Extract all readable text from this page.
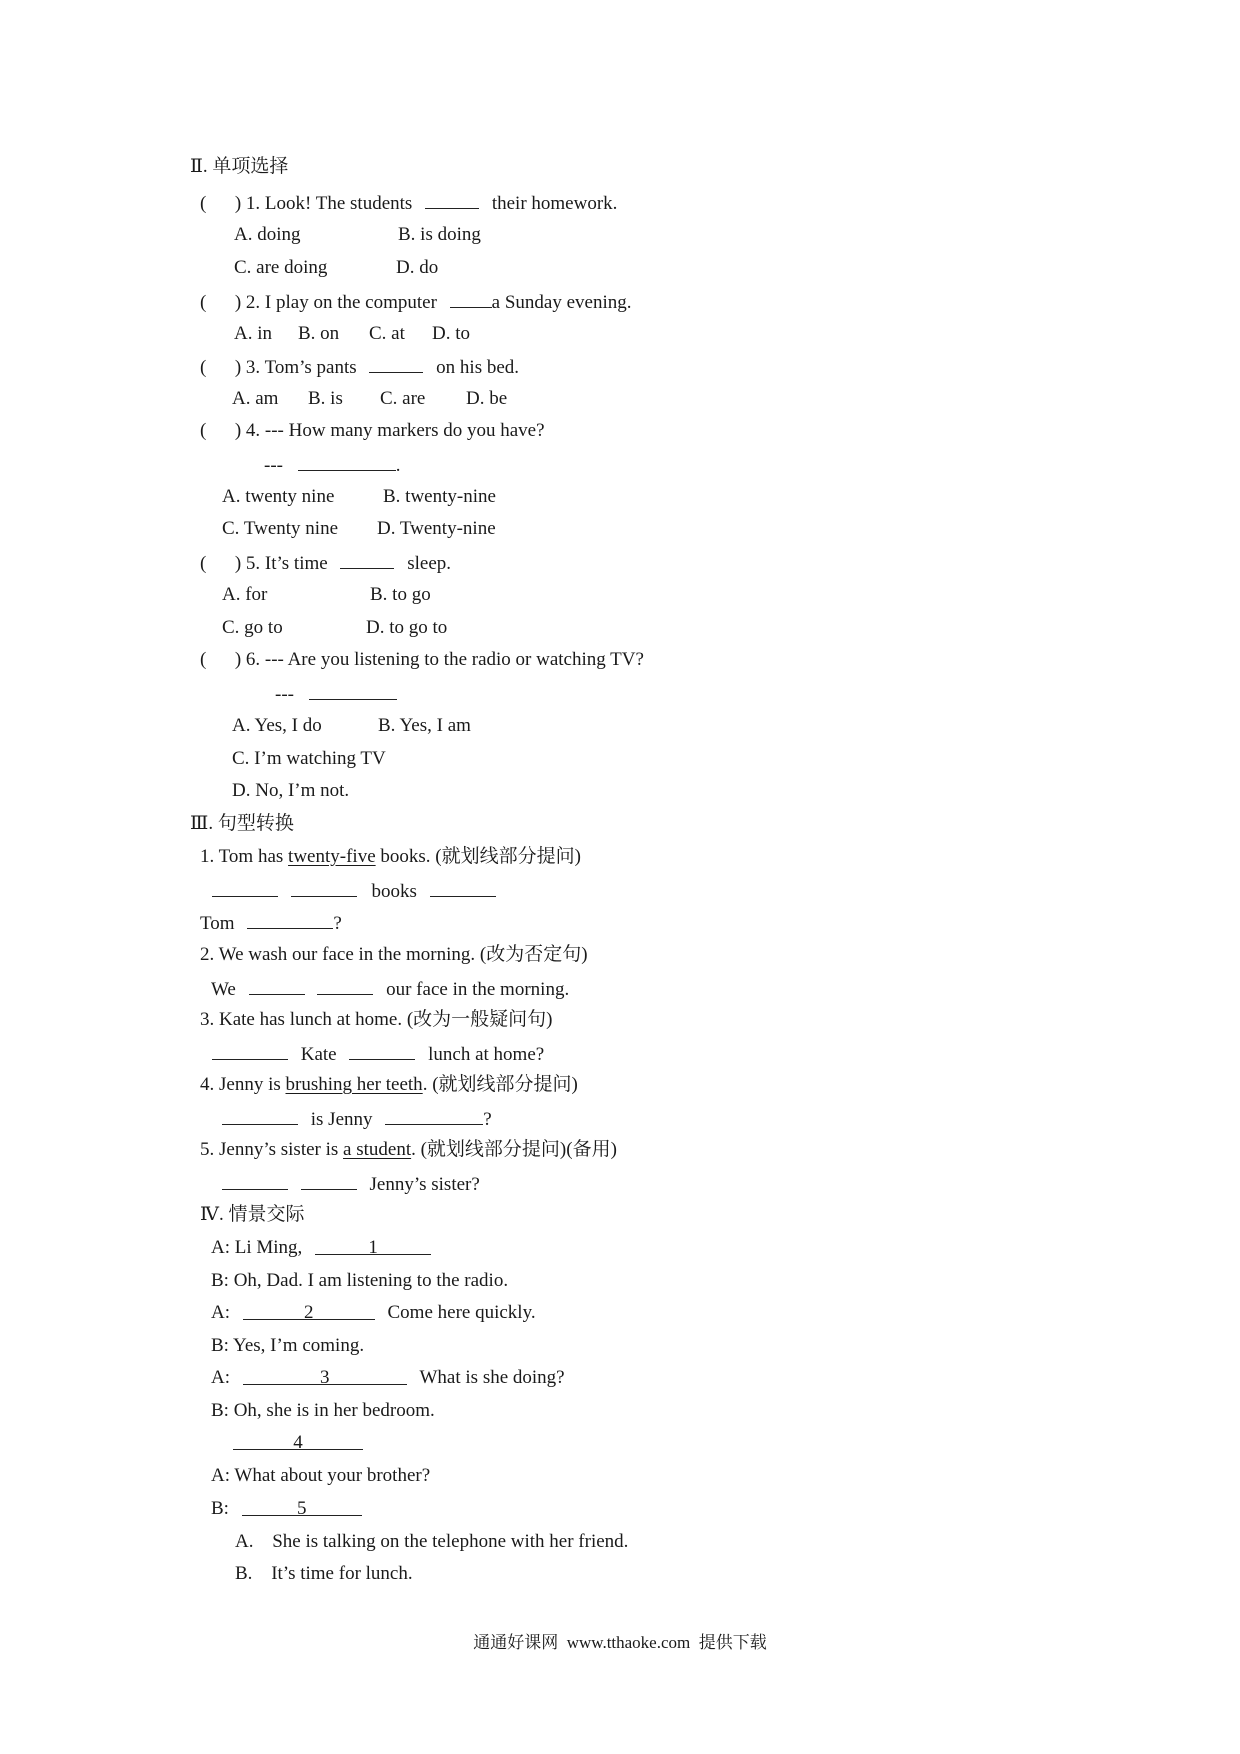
Ⅱ. 单项选择
(      ) 1. Look! The students	their homework.
A. doing	B. is doing
C. are doing	D. do
(      ) 2. I play on the computer	a Sunday evening.
A. in B. on C. at D. to
(      ) 3. Tom’s pants	on his bed.
A. am B. is C. are D. be
(      ) 4. --- How many markers do you have?
---	.
A. twenty nine	B. twenty-nine
C. Twenty nine D. Twenty-nine
(      ) 5. It’s time	sleep.
A. for	B. to go
C. go to	D. to go to
(      ) 6. --- Are you listening to the radio or watching TV?
---
A. Yes, I do	B. Yes, I am
C. I’m watching TV
D. No, I’m not.
Ⅲ. 句型转换
1. Tom has twenty-five books. (就划线部分提问)
books
Tom	?
2. We wash our face in the morning. (改为否定句)
We	our face in the morning.
3. Kate has lunch at home. (改为一般疑问句)
Kate	lunch at home?
4. Jenny is brushing her teeth. (就划线部分提问)
is Jenny	?
5. Jenny’s sister is a student. (就划线部分提问)(备用)
Jenny’s sister?
Ⅳ. 情景交际
A: Li Ming,	1
B: Oh, Dad. I am listening to the radio.
A:	2	Come here quickly.
B: Yes, I’m coming.
A:	3	What is she doing?
B: Oh, she is in her bedroom.
4
A: What about your brother?
B:	5
A. She is talking on the telephone with her friend.
B. It’s time for lunch.
通通好课网  www.tthaoke.com  提供下载
